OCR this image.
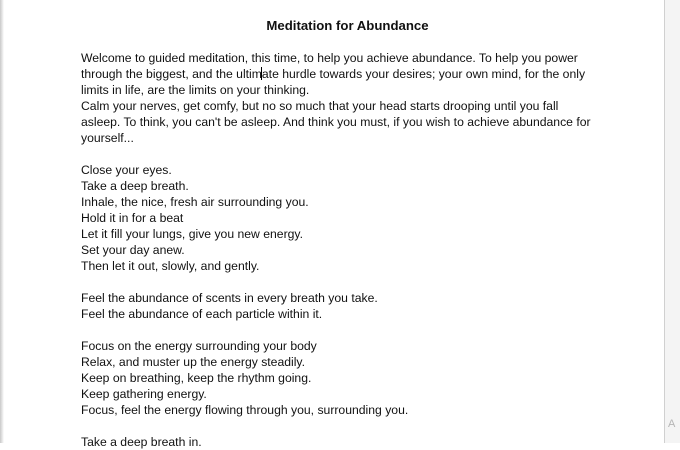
A
Meditation for Abundance
Welcome to guided meditation, this time, to help you achieve abundance. To help you power
through the biggest, and the ultimate hurdle towards your desires; your own mind, for the only
limits in life, are the limits on your thinking.
Calm your nerves, get comfy, but no so much that your head starts drooping until you fall
asleep. To think, you can't be asleep. And think you must, if you wish to achieve abundance for
yourself...
Close your eyes.
Take a deep breath.
Inhale, the nice, fresh air surrounding you.
Hold it in for a beat
Let it fill your lungs, give you new energy.
Set your day anew.
Then let it out, slowly, and gently.
Feel the abundance of scents in every breath you take.
Feel the abundance of each particle within it.
Focus on the energy surrounding your body
Relax, and muster up the energy steadily.
Keep on breathing, keep the rhythm going.
Keep gathering energy.
Focus, feel the energy flowing through you, surrounding you.
Take a deep breath in.
